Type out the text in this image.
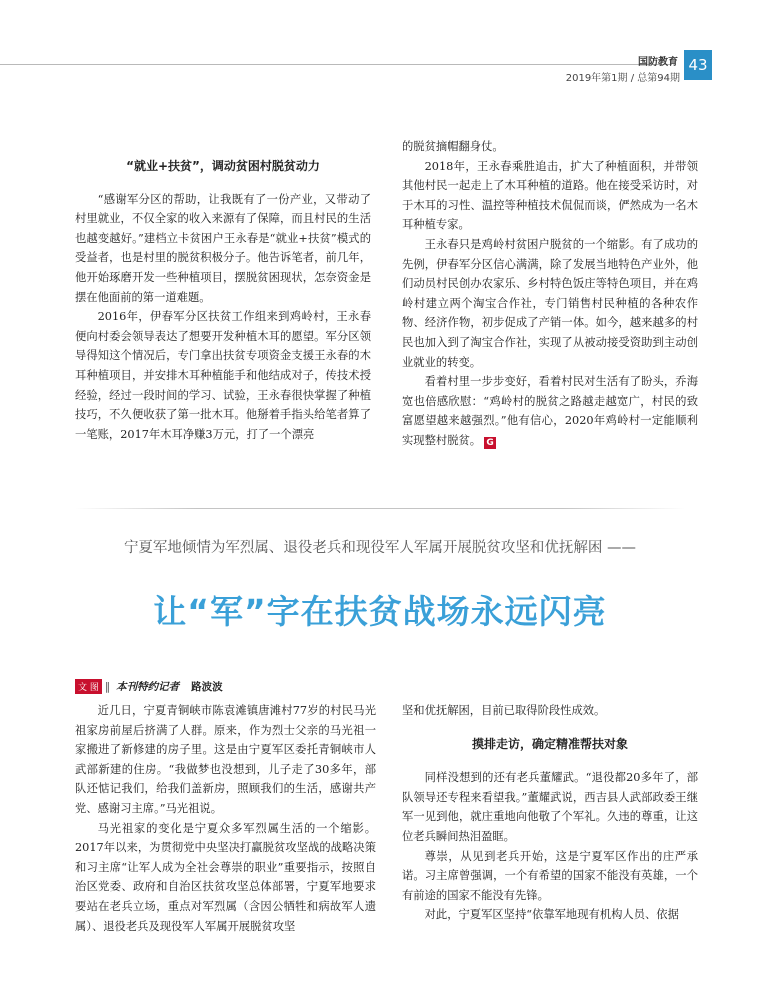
国防教育
2019年第1期 / 总第94期
43
“就业+扶贫”，调动贫困村脱贫动力

“感谢军分区的帮助，让我既有了一份产业，又带动了村里就业，不仅全家的收入来源有了保障，而且村民的生活也越变越好。”建档立卡贫困户王永春是“就业+扶贫”模式的受益者，也是村里的脱贫积极分子。他告诉笔者，前几年，他开始琢磨开发一些种植项目，摆脱贫困现状，怎奈资金是摆在他面前的第一道难题。

2016年，伊春军分区扶贫工作组来到鸡岭村，王永春便向村委会领导表达了想要开发种植木耳的愿望。军分区领导得知这个情况后，专门拿出扶贫专项资金支援王永春的木耳种植项目，并安排木耳种植能手和他结成对子，传技术授经验，经过一段时间的学习、试验，王永春很快掌握了种植技巧，不久便收获了第一批木耳。他掰着手指头给笔者算了一笔账，2017年木耳净赚3万元，打了一个漂亮

的脱贫摘帽翻身仗。

2018年，王永春乘胜追击，扩大了种植面积，并带领其他村民一起走上了木耳种植的道路。他在接受采访时，对于木耳的习性、温控等种植技术侃侃而谈，俨然成为一名木耳种植专家。

王永春只是鸡岭村贫困户脱贫的一个缩影。有了成功的先例，伊春军分区信心满满，除了发展当地特色产业外，他们动员村民创办农家乐、乡村特色饭庄等特色项目，并在鸡岭村建立两个淘宝合作社，专门销售村民种植的各种农作物、经济作物，初步促成了产销一体。如今，越来越多的村民也加入到了淘宝合作社，实现了从被动接受资助到主动创业就业的转变。

看着村里一步步变好，看着村民对生活有了盼头，乔海宽也倍感欣慰：“鸡岭村的脱贫之路越走越宽广，村民的致富愿望越来越强烈。”他有信心，2020年鸡岭村一定能顺利实现整村脱贫。 G

宁夏军地倾情为军烈属、退役老兵和现役军人军属开展脱贫攻坚和优抚解困 ——
让“军”字在扶贫战场永远闪亮
文 图 ‖ 本刊特约记者 路波波

近几日，宁夏青铜峡市陈袁滩镇唐滩村77岁的村民马光祖家房前屋后挤满了人群。原来，作为烈士父亲的马光祖一家搬进了新修建的房子里。这是由宁夏军区委托青铜峡市人武部新建的住房。“我做梦也没想到，儿子走了30多年，部队还惦记我们，给我们盖新房，照顾我们的生活，感谢共产党、感谢习主席。”马光祖说。

马光祖家的变化是宁夏众多军烈属生活的一个缩影。2017年以来，为贯彻党中央坚决打赢脱贫攻坚战的战略决策和习主席“让军人成为全社会尊崇的职业”重要指示，按照自治区党委、政府和自治区扶贫攻坚总体部署，宁夏军地要求要站在老兵立场，重点对军烈属（含因公牺牲和病故军人遗属）、退役老兵及现役军人军属开展脱贫攻坚

坚和优抚解困，目前已取得阶段性成效。

摸排走访，确定精准帮扶对象

同样没想到的还有老兵董耀武。“退役都20多年了，部队领导还专程来看望我。”董耀武说，西吉县人武部政委王继军一见到他，就庄重地向他敬了个军礼。久违的尊重，让这位老兵瞬间热泪盈眶。

尊崇，从见到老兵开始，这是宁夏军区作出的庄严承诺。习主席曾强调，一个有希望的国家不能没有英雄，一个有前途的国家不能没有先锋。

对此，宁夏军区坚持“依靠军地现有机构人员、依据
